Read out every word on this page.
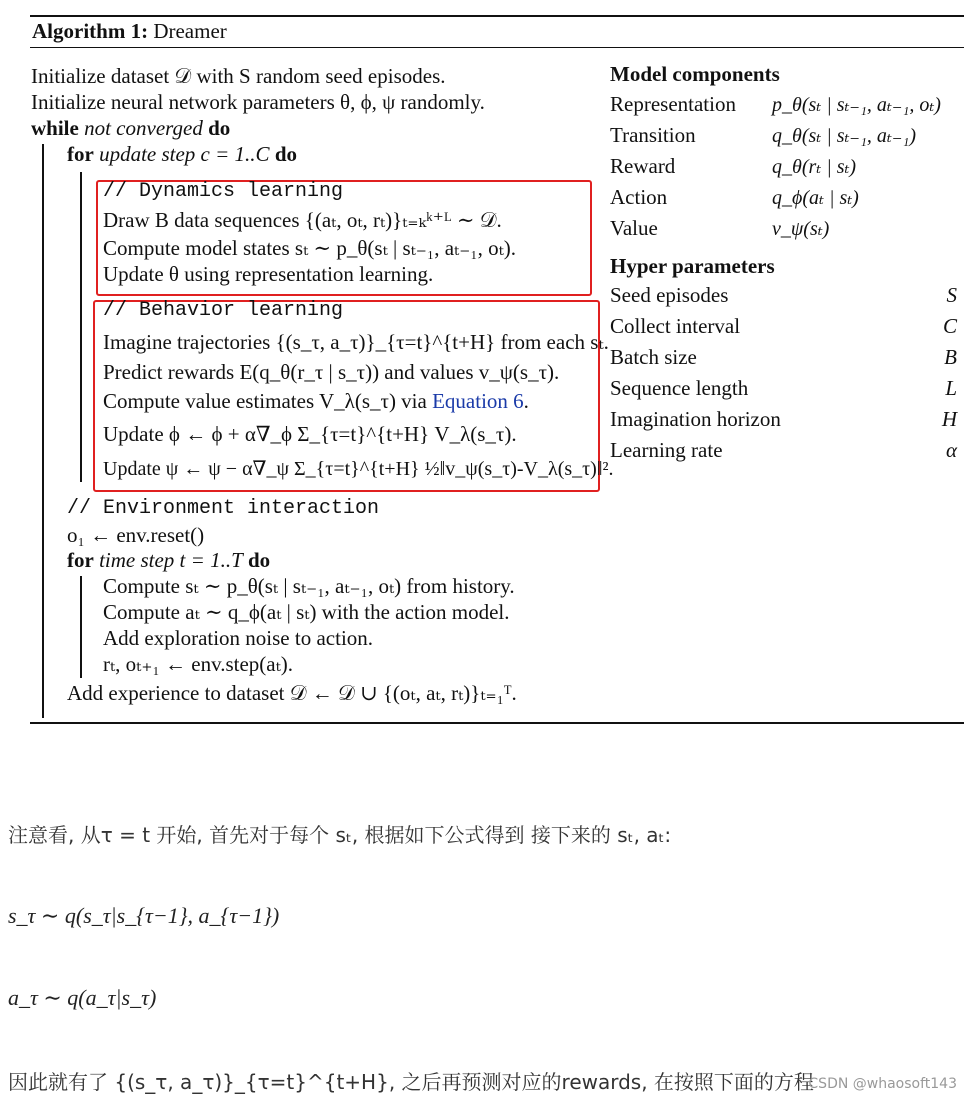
Algorithm 1: Dreamer
Initialize dataset 𝒟 with S random seed episodes.
Initialize neural network parameters θ, ϕ, ψ randomly.
while not converged do
for update step c = 1..C do
// Dynamics learning
Draw B data sequences {(aₜ, oₜ, rₜ)}ₜ₌ₖᵏ⁺ᴸ ∼ 𝒟.
Compute model states sₜ ∼ p_θ(sₜ | sₜ₋₁, aₜ₋₁, oₜ).
Update θ using representation learning.
// Behavior learning
Imagine trajectories {(s_τ, a_τ)}_{τ=t}^{t+H} from each sₜ.
Predict rewards E(q_θ(r_τ | s_τ)) and values v_ψ(s_τ).
Compute value estimates V_λ(s_τ) via Equation 6.
Update ϕ ← ϕ + α∇_ϕ Σ_{τ=t}^{t+H} V_λ(s_τ).
Update ψ ← ψ − α∇_ψ Σ_{τ=t}^{t+H} ½‖v_ψ(s_τ)-V_λ(s_τ)‖².
// Environment interaction
o₁ ← env.reset()
for time step t = 1..T do
Compute sₜ ∼ p_θ(sₜ | sₜ₋₁, aₜ₋₁, oₜ) from history.
Compute aₜ ∼ q_ϕ(aₜ | sₜ) with the action model.
Add exploration noise to action.
rₜ, oₜ₊₁ ← env.step(aₜ).
Add experience to dataset 𝒟 ← 𝒟 ∪ {(oₜ, aₜ, rₜ)}ₜ₌₁ᵀ.
Model components
Representation p_θ(sₜ | sₜ₋₁, aₜ₋₁, oₜ)
Transition	q_θ(sₜ | sₜ₋₁, aₜ₋₁)
Reward	q_θ(rₜ | sₜ)
Action	q_ϕ(aₜ | sₜ)
Value	v_ψ(sₜ)
Hyper parameters
Seed episodes	S
Collect interval	C
Batch size	B
Sequence length	L
Imagination horizon	H
Learning rate	α
注意看, 从τ = t 开始, 首先对于每个 sₜ, 根据如下公式得到 接下来的 sₜ, aₜ:
s_τ ∼ q(s_τ|s_{τ−1}, a_{τ−1})
a_τ ∼ q(a_τ|s_τ)
因此就有了 {(s_τ, a_τ)}_{τ=t}^{t+H}, 之后再预测对应的rewards, 在按照下面的方程
CSDN @whaosoft143
